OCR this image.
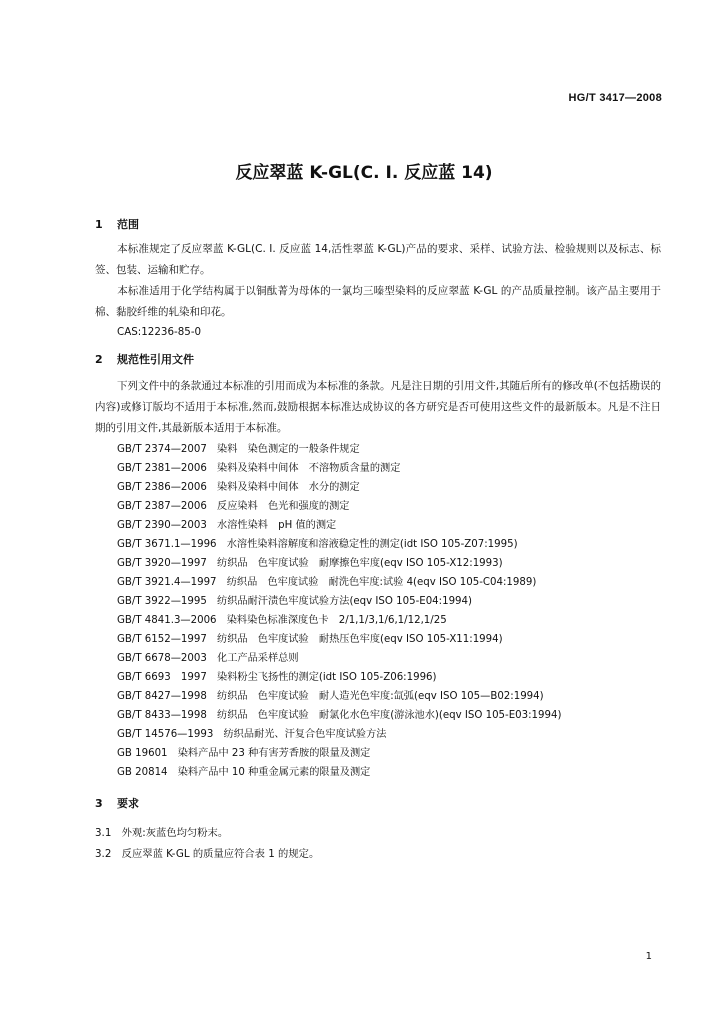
HG/T 3417—2008
反应翠蓝 K-GL(C. I. 反应蓝 14)
1 范围
本标准规定了反应翠蓝 K-GL(C. I. 反应蓝 14,活性翠蓝 K-GL)产品的要求、采样、试验方法、检验规则以及标志、标签、包装、运输和贮存。
本标准适用于化学结构属于以铜酞菁为母体的一氯均三嗪型染料的反应翠蓝 K-GL 的产品质量控制。该产品主要用于棉、黏胶纤维的轧染和印花。
CAS:12236-85-0
2 规范性引用文件
下列文件中的条款通过本标准的引用而成为本标准的条款。凡是注日期的引用文件,其随后所有的修改单(不包括勘误的内容)或修订版均不适用于本标准,然而,鼓励根据本标准达成协议的各方研究是否可使用这些文件的最新版本。凡是不注日期的引用文件,其最新版本适用于本标准。
GB/T 2374—2007　染料　染色测定的一般条件规定
GB/T 2381—2006　染料及染料中间体　不溶物质含量的测定
GB/T 2386—2006　染料及染料中间体　水分的测定
GB/T 2387—2006　反应染料　色光和强度的测定
GB/T 2390—2003　水溶性染料　pH 值的测定
GB/T 3671.1—1996　水溶性染料溶解度和溶液稳定性的测定(idt ISO 105-Z07:1995)
GB/T 3920—1997　纺织品　色牢度试验　耐摩擦色牢度(eqv ISO 105-X12:1993)
GB/T 3921.4—1997　纺织品　色牢度试验　耐洗色牢度:试验 4(eqv ISO 105-C04:1989)
GB/T 3922—1995　纺织品耐汗渍色牢度试验方法(eqv ISO 105-E04:1994)
GB/T 4841.3—2006　染料染色标准深度色卡　2/1,1/3,1/6,1/12,1/25
GB/T 6152—1997　纺织品　色牢度试验　耐热压色牢度(eqv ISO 105-X11:1994)
GB/T 6678—2003　化工产品采样总则
GB/T 6693　1997　染料粉尘飞扬性的测定(idt ISO 105-Z06:1996)
GB/T 8427—1998　纺织品　色牢度试验　耐人造光色牢度:氙弧(eqv ISO 105—B02:1994)
GB/T 8433—1998　纺织品　色牢度试验　耐氯化水色牢度(游泳池水)(eqv ISO 105-E03:1994)
GB/T 14576—1993　纺织品耐光、汗复合色牢度试验方法
GB 19601　染料产品中 23 种有害芳香胺的限量及测定
GB 20814　染料产品中 10 种重金属元素的限量及测定
3 要求
3.1　外观:灰蓝色均匀粉末。
3.2　反应翠蓝 K-GL 的质量应符合表 1 的规定。
1
